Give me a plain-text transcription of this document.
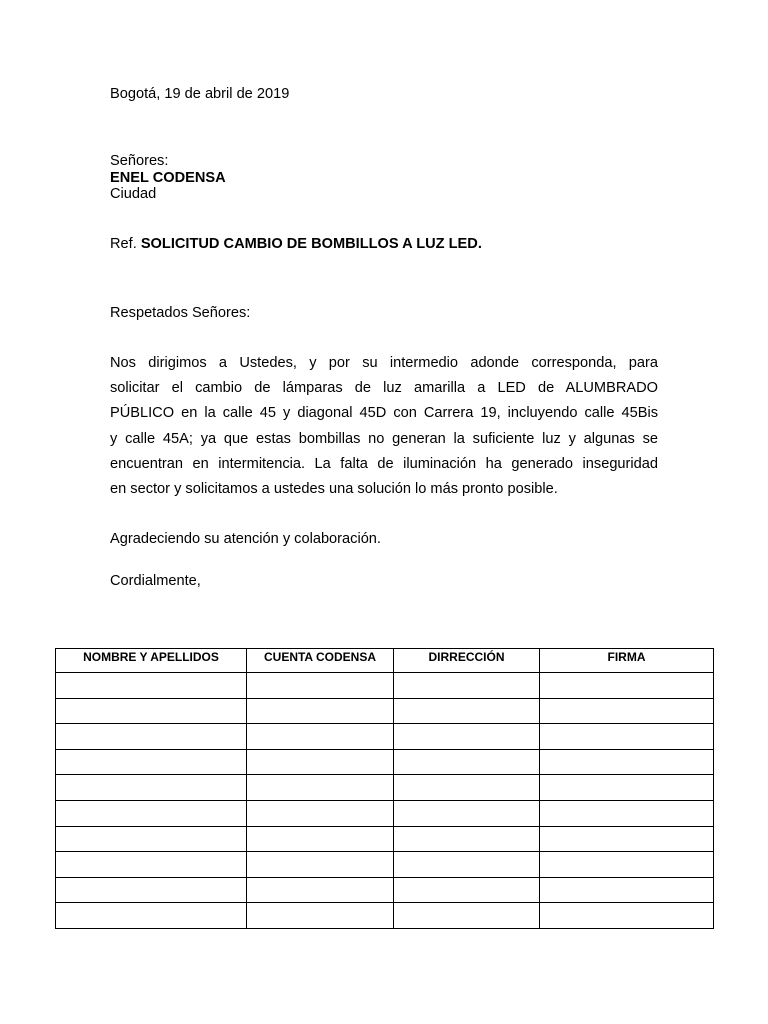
Bogotá, 19 de abril de 2019
Señores:
ENEL CODENSA
Ciudad
Ref. SOLICITUD CAMBIO DE BOMBILLOS A LUZ LED.
Respetados Señores:
Nos dirigimos a Ustedes, y por su intermedio adonde corresponda, para
solicitar el cambio de lámparas de luz amarilla a LED de ALUMBRADO
PÚBLICO en la calle 45 y diagonal 45D con Carrera 19, incluyendo calle 45Bis
y calle 45A; ya que estas bombillas no generan la suficiente luz y algunas se
encuentran en intermitencia. La falta de iluminación ha generado inseguridad
en sector y solicitamos a ustedes una solución lo más pronto posible.
Agradeciendo su atención y colaboración.
Cordialmente,
NOMBRE Y APELLIDOS	CUENTA CODENSA	DIRRECCIÓN	FIRMA
